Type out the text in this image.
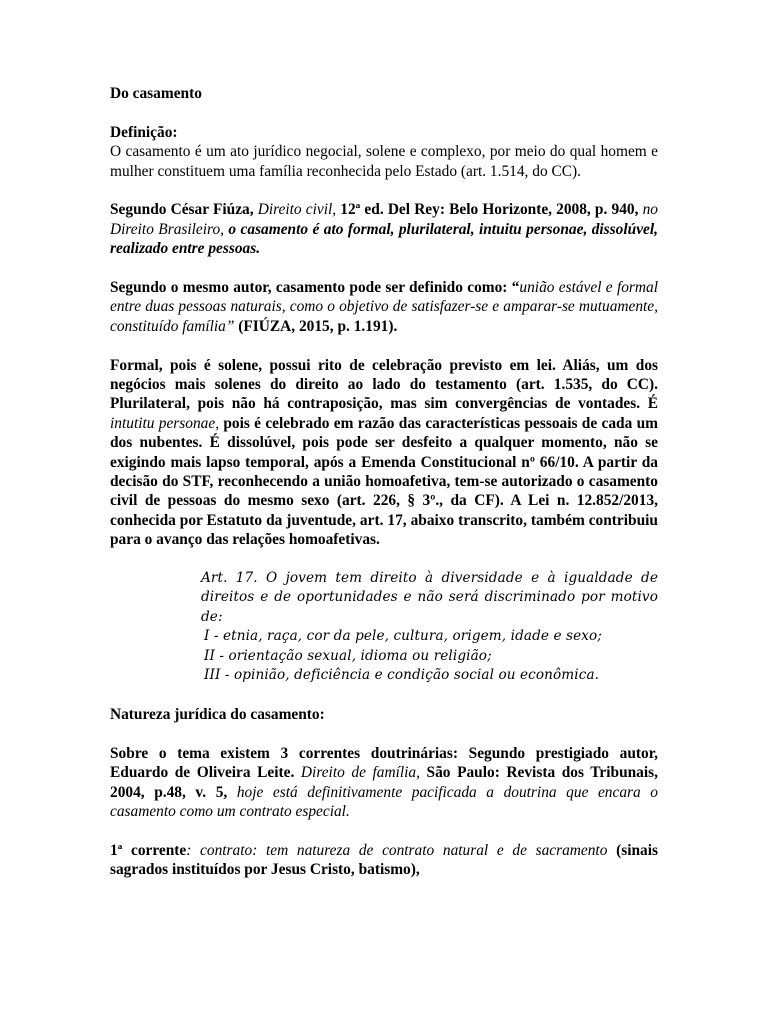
Do casamento

Definição:

O casamento é um ato jurídico negocial, solene e complexo, por meio do qual homem e mulher constituem uma família reconhecida pelo Estado (art. 1.514, do CC).

Segundo César Fiúza, Direito civil, 12ª ed. Del Rey: Belo Horizonte, 2008, p. 940, no Direito Brasileiro, o casamento é ato formal, plurilateral, intuitu personae, dissolúvel, realizado entre pessoas.

Segundo o mesmo autor, casamento pode ser definido como: “união estável e formal entre duas pessoas naturais, como o objetivo de satisfazer-se e amparar-se mutuamente, constituído família” (FIÚZA, 2015, p. 1.191).

Formal, pois é solene, possui rito de celebração previsto em lei. Aliás, um dos negócios mais solenes do direito ao lado do testamento (art. 1.535, do CC). Plurilateral, pois não há contraposição, mas sim convergências de vontades. É intutitu personae, pois é celebrado em razão das características pessoais de cada um dos nubentes. É dissolúvel, pois pode ser desfeito a qualquer momento, não se exigindo mais lapso temporal, após a Emenda Constitucional nº 66/10. A partir da decisão do STF, reconhecendo a união homoafetiva, tem-se autorizado o casamento civil de pessoas do mesmo sexo (art. 226, § 3º., da CF). A Lei n. 12.852/2013, conhecida por Estatuto da juventude, art. 17, abaixo transcrito, também contribuiu para o avanço das relações homoafetivas.

Art. 17. O jovem tem direito à diversidade e à igualdade de direitos e de oportunidades e não será discriminado por motivo de:

I - etnia, raça, cor da pele, cultura, origem, idade e sexo;

II - orientação sexual, idioma ou religião;

III - opinião, deficiência e condição social ou econômica.

Natureza jurídica do casamento:

Sobre o tema existem 3 correntes doutrinárias: Segundo prestigiado autor, Eduardo de Oliveira Leite. Direito de família, São Paulo: Revista dos Tribunais, 2004, p.48, v. 5, hoje está definitivamente pacificada a doutrina que encara o casamento como um contrato especial.

1ª corrente: contrato: tem natureza de contrato natural e de sacramento (sinais sagrados instituídos por Jesus Cristo, batismo),
